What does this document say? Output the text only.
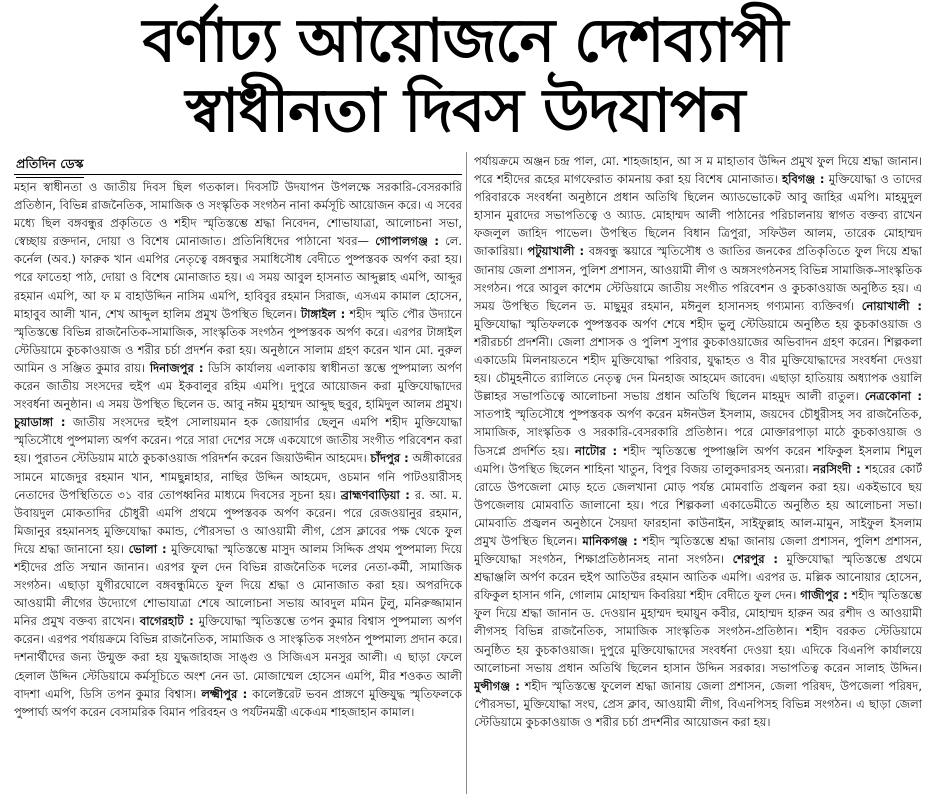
বর্ণাঢ্য আয়োজনে দেশব্যাপী
স্বাধীনতা দিবস উদযাপন
প্রতিদিন ডেস্ক

মহান স্বাধীনতা ও জাতীয় দিবস ছিল গতকাল। দিবসটি উদযাপন উপলক্ষে সরকারি-বেসরকারি প্রতিষ্ঠান, বিভিন্ন রাজনৈতিক, সামাজিক ও সংস্কৃতিক সংগঠন নানা কর্মসূচি আয়োজন করে। এ সবের মধ্যে ছিল বঙ্গবন্ধুর প্রকৃতিতে ও শহীদ স্মৃতিস্তম্ভে শ্রদ্ধা নিবেদন, শোভাযাত্রা, আলোচনা সভা, স্বেচ্ছায় রক্তদান, দোয়া ও বিশেষ মোনাজাত। প্রতিনিধিদের পাঠানো খবর— গোপালগঞ্জ : লে. কর্নেল (অব.) ফারুক খান এমপির নেতৃত্বে বঙ্গবন্ধুর সমাধিসৌধ বেদীতে পুষ্পস্তবক অর্পণ করা হয়। পরে ফাতেহা পাঠ, দোয়া ও বিশেষ মোনাজাত হয়। এ সময় আবুল হাসনাত আব্দুল্লাহ এমপি, আব্দুর রহমান এমপি, আ ফ ম বাহাউদ্দিন নাসিম এমপি, হাবিবুর রহমান সিরাজ, এসএম কামাল হোসেন, মাহাবুব আলী খান, শেখ আব্দুল হালিম প্রমুখ উপস্থিত ছিলেন। টাঙ্গাইল : শহীদ স্মৃতি পৌর উদ্যানে স্মৃতিস্তম্ভে বিভিন্ন রাজনৈতিক-সামাজিক, সাংস্কৃতিক সংগঠন পুষ্পস্তবক অর্পণ করে। এরপর টাঙ্গাইল স্টেডিয়ামে কুচকাওয়াজ ও শরীর চর্চা প্রদর্শন করা হয়। অনুষ্ঠানে সালাম গ্রহণ করেন খান মো. নুরুল আমিন ও সঞ্জিত কুমার রায়। দিনাজপুর : ডিসি কার্যালয় এলাকায় স্বাধীনতা স্তম্ভে পুষ্পমাল্য অর্পণ করেন জাতীয় সংসদের হুইপ এম ইকবালুর রহিম এমপি। দুপুরে আয়োজন করা মুক্তিযোদ্ধাদের সংবর্ধনা অনুষ্ঠান। এ সময় উপস্থিত ছিলেন ড. আবু নঈম মুহাম্মদ আব্দুছ ছবুর, হামিদুল আলম প্রমুখ। চুয়াডাঙ্গা : জাতীয় সংসদের হুইপ সোলায়মান হক জোয়ার্দার ছেলুন এমপি শহীদ মুক্তিযোদ্ধা স্মৃতিসৌধে পুষ্পমাল্য অর্পণ করেন। পরে সারা দেশের সঙ্গে একযোগে জাতীয় সংগীত পরিবেশন করা হয়। পুরাতন স্টেডিয়াম মাঠে কুচকাওয়াজ পরিদর্শন করেন জিয়াউদ্দীন আহমেদ। চাঁদপুর : অঙ্গীকারের সামনে মাজেদুর রহমান খান, শামছুন্নাহার, নাছির উদ্দিন আহমেদ, ওচমান গনি পাটওয়ারীসহ নেতাদের উপস্থিতিতে ৩১ বার তোপধ্বনির মাধ্যমে দিবসের সূচনা হয়। ব্রাহ্মণবাড়িয়া : র. আ. ম. উবায়দুল মোকতাদির চৌধুরী এমপি প্রথমে পুষ্পস্তবক অর্পণ করেন। পরে রেজওয়ানুর রহমান, মিজানুর রহমানসহ মুক্তিযোদ্ধা কমান্ড, পৌরসভা ও আওয়ামী লীগ, প্রেস ক্লাবের পক্ষ থেকে ফুল দিয়ে শ্রদ্ধা জানানো হয়। ভোলা : মুক্তিযোদ্ধা স্মৃতিস্তম্ভে মাসুদ আলম সিদ্দিক প্রথম পুষ্পমাল্য দিয়ে শহীদের প্রতি সম্মান জানান। এরপর ফুল দেন বিভিন্ন রাজনৈতিক দলের নেতা-কর্মী, সামাজিক সংগঠন। এছাড়া যুগীরঘোলে বঙ্গবন্ধুমিতে ফুল দিয়ে শ্রদ্ধা ও মোনাজাত করা হয়। অপরদিকে আওয়ামী লীগের উদ্যোগে শোভাযাত্রা শেষে আলোচনা সভায় আবদুল মমিন টুলু, মনিরুজ্জামান মনির প্রমুখ বক্তব্য রাখেন। বাগেরহাট : মুক্তিযোদ্ধা স্মৃতিস্তম্ভে তপন কুমার বিশ্বাস পুষ্পমাল্য অর্পণ করেন। এরপর পর্যায়ক্রমে বিভিন্ন রাজনৈতিক, সামাজিক ও সাংস্কৃতিক সংগঠন পুষ্পমাল্য প্রদান করে। দশনার্থীদের জন্য উন্মুক্ত করা হয় যুদ্ধজাহাজ সাঙ্গু ও সিজিএস মনসুর আলী। এ ছাড়া ফেলে হেলাল উদ্দিন স্টেডিয়ামে কর্মসূচিতে অংশ নেন ডা. মোজাম্মেল হোসেন এমপি, মীর শওকত আলী বাদশা এমপি, ডিসি তপন কুমার বিশ্বাস। লক্ষ্মীপুর : কালেক্টরেট ভবন প্রাঙ্গণে মুক্তিযুদ্ধ স্মৃতিফলকে পুষ্পার্ঘ্য অর্পণ করেন বেসামরিক বিমান পরিবহন ও পর্যটনমন্ত্রী একেএম শাহজাহান কামাল।

পর্যায়ক্রমে অঞ্জন চন্দ্র পাল, মো. শাহজাহান, আ স ম মাহাতাব উদ্দিন প্রমুখ ফুল দিয়ে শ্রদ্ধা জানান। পরে শহীদের রূহের মাগফেরাত কামনায় করা হয় বিশেষ মোনাজাত। হবিগঞ্জ : মুক্তিযোদ্ধা ও তাদের পরিবারকে সংবর্ধনা অনুষ্ঠানে প্রধান অতিথি ছিলেন অ্যাডভোকেট আবু জাহির এমপি। মাহমুদুল হাসান মুরাদের সভাপতিত্বে ও অ্যাড. মোহাম্মদ আলী পাঠানের পরিচালনায় স্বাগত বক্তব্য রাখেন ফজলুল জাহিদ পাভেল। উপস্থিত ছিলেন বিধান ত্রিপুরা, সফিউল আলম, তারেক মোহাম্মদ জাকারিয়া। পটুয়াখালী : বঙ্গবন্ধু স্কয়ারে স্মৃতিসৌধ ও জাতির জনকের প্রতিকৃতিতে ফুল দিয়ে শ্রদ্ধা জানায় জেলা প্রশাসন, পুলিশ প্রশাসন, আওয়ামী লীগ ও অঙ্গসংগঠনসহ বিভিন্ন সামাজিক-সাংস্কৃতিক সংগঠন। পরে আবুল কাশেম স্টেডিয়ামে জাতীয় সংগীত পরিবেশন ও কুচকাওয়াজ অনুষ্ঠিত হয়। এ সময় উপস্থিত ছিলেন ড. মাছুমুর রহমান, মঈনুল হাসানসহ গণ্যমান্য ব্যক্তিবর্গ। নোয়াখালী : মুক্তিযোদ্ধা স্মৃতিফলকে পুষ্পস্তবক অর্পণ শেষে শহীদ ভুলু স্টেডিয়ামে অনুষ্ঠিত হয় কুচকাওয়াজ ও শরীরচর্চা প্রদর্শনী। জেলা প্রশাসক ও পুলিশ সুপার কুচকাওয়াজের অভিবাদন গ্রহণ করেন। শিল্পকলা একাডেমি মিলনায়তনে শহীদ মুক্তিযোদ্ধা পরিবার, যুদ্ধাহত ও বীর মুক্তিযোদ্ধাদের সংবর্ধনা দেওয়া হয়। চৌমুহনীতে র‌্যালিতে নেতৃত্ব দেন মিনহাজ আহমেদ জাবেদ। এছাড়া হাতিয়ায় অধ্যাপক ওয়ালি উল্লাহর সভাপতিত্বে আলোচনা সভায় প্রধান অতিথি ছিলেন মাহমুদ আলী রাতুল। নেত্রকোনা : সাতপাই স্মৃতিসৌধে পুষ্পস্তবক অর্পণ করেন মঈনউল ইসলাম, জয়দেব চৌধুরীসহ সব রাজনৈতিক, সামাজিক, সাংস্কৃতিক ও সরকারি-বেসরকারি প্রতিষ্ঠান। পরে মোক্তারপাড়া মাঠে কুচকাওয়াজ ও ডিসপ্লে প্রদর্শিত হয়। নাটোর : শহীদ স্মৃতিস্তম্ভে পুষ্পাঞ্জলি অর্পণ করেন শফিকুল ইসলাম শিমুল এমপি। উপস্থিত ছিলেন শাহিনা খাতুন, বিপুর বিজয় তালুকদারসহ অন্যরা। নরসিংদী : শহরের কোর্ট রোডে উপজেলা মোড় হতে জেলখানা মোড় পর্যন্ত মোমবাতি প্রজ্বলন করা হয়। একইভাবে ছয় উপজেলায় মোমবাতি জালানো হয়। পরে শিল্পকলা একাডেমীতে অনুষ্ঠিত হয় আলোচনা সভা। মোমবাতি প্রজ্বলন অনুষ্ঠানে সৈয়দা ফারহানা কাউনাইন, সাইফুল্লাহ আল-মামুন, সাইফুল ইসলাম প্রমুখ উপস্থিত ছিলেন। মানিকগঞ্জ : শহীদ স্মৃতিস্তম্ভে শ্রদ্ধা জানায় জেলা প্রশাসন, পুলিশ প্রশাসন, মুক্তিযোদ্ধা সংগঠন, শিক্ষাপ্রতিষ্ঠানসহ নানা সংগঠন। শেরপুর : মুক্তিযোদ্ধা স্মৃতিস্তম্ভে প্রথমে শ্রদ্ধাঞ্জলি অর্পণ করেন হুইপ আতিউর রহমান আতিক এমপি। এরপর ড. মল্লিক আনোয়ার হোসেন, রফিকুল হাসান গনি, গোলাম মোহাম্মদ কিবরিয়া শহীদ বেদীতে ফুল দেন। গাজীপুর : শহীদ স্মৃতিস্তম্ভে ফুল দিয়ে শ্রদ্ধা জানান ড. দেওয়ান মুহাম্মদ হুমায়ুন কবীর, মোহাম্মদ হারুন অর রশীদ ও আওয়ামী লীগসহ বিভিন্ন রাজনৈতিক, সামাজিক সাংস্কৃতিক সংগঠন-প্রতিষ্ঠান। শহীদ বরকত স্টেডিয়ামে অনুষ্ঠিত হয় কুচকাওয়াজ। দুপুরে মুক্তিযোদ্ধাদের সংবর্ধনা দেওয়া হয়। এদিকে বিএনপি কার্যালয়ে আলোচনা সভায় প্রধান অতিথি ছিলেন হাসান উদ্দিন সরকার। সভাপতিত্ব করেন সালাহ উদ্দিন। মুন্সীগঞ্জ : শহীদ স্মৃতিস্তম্ভে ফুলেল শ্রদ্ধা জানায় জেলা প্রশাসন, জেলা পরিষদ, উপজেলা পরিষদ, পৌরসভা, মুক্তিযোদ্ধা সংঘ, প্রেস ক্লাব, আওয়ামী লীগ, বিএনপিসহ বিভিন্ন সংগঠন। এ ছাড়া জেলা স্টেডিয়ামে কুচকাওয়াজ ও শরীর চর্চা প্রদর্শনীর আয়োজন করা হয়।
